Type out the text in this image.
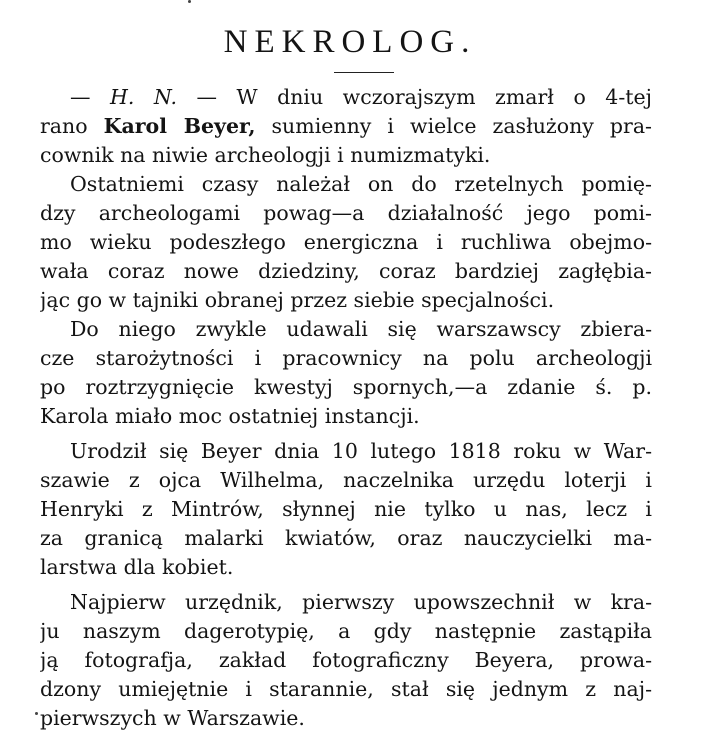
NEKROLOG.

— H. N. — W dniu wczorajszym zmarł o 4-tej
rano Karol Beyer, sumienny i wielce zasłużony pra-
cownik na niwie archeologji i numizmatyki.

Ostatniemi czasy należał on do rzetelnych pomię-
dzy archeologami powag—a działalność jego pomi-
mo wieku podeszłego energiczna i ruchliwa obejmo-
wała coraz nowe dziedziny, coraz bardziej zagłębia-
jąc go w tajniki obranej przez siebie specjalności.

Do niego zwykle udawali się warszawscy zbiera-
cze starożytności i pracownicy na polu archeologji
po roztrzygnięcie kwestyj spornych,—a zdanie ś. p.
Karola miało moc ostatniej instancji.

Urodził się Beyer dnia 10 lutego 1818 roku w War-
szawie z ojca Wilhelma, naczelnika urzędu loterji i
Henryki z Mintrów, słynnej nie tylko u nas, lecz i
za granicą malarki kwiatów, oraz nauczycielki ma-
larstwa dla kobiet.

Najpierw urzędnik, pierwszy upowszechnił w kra-
ju naszym dagerotypię, a gdy następnie zastąpiła
ją fotografja, zakład fotograficzny Beyera, prowa-
dzony umiejętnie i starannie, stał się jednym z naj-
pierwszych w Warszawie.
